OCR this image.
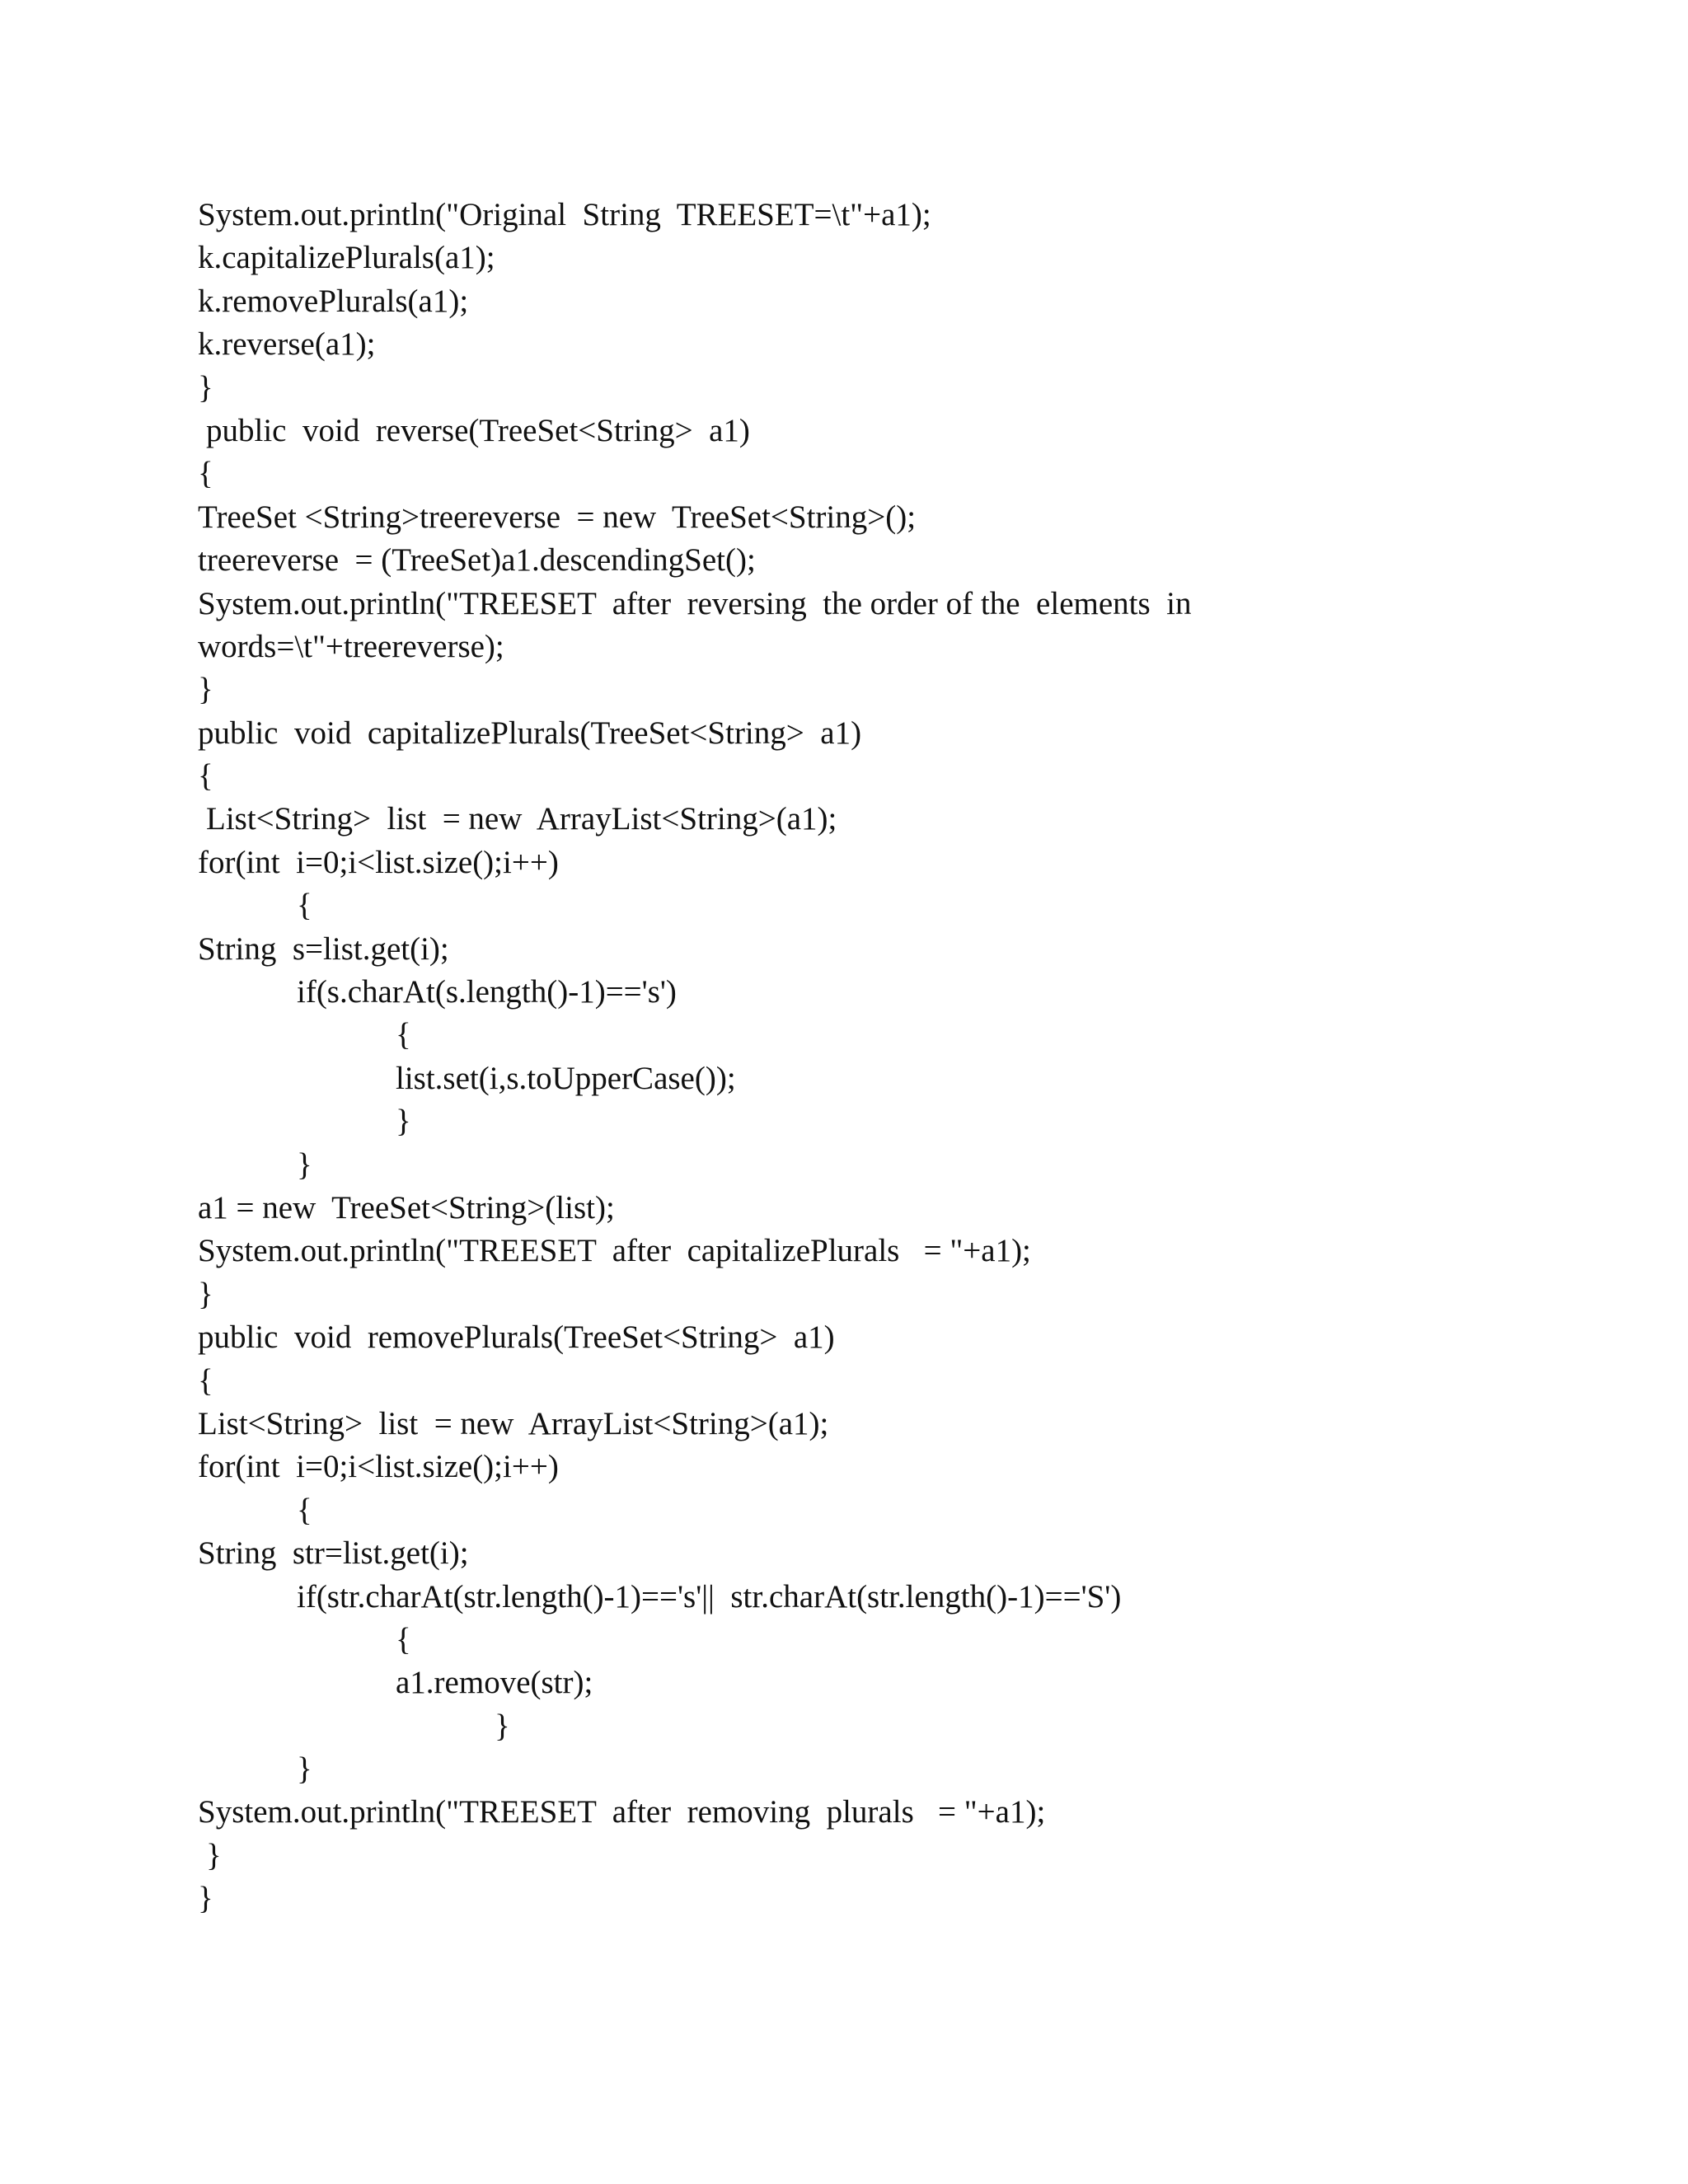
System.out.println("Original  String  TREESET=\t"+a1);
k.capitalizePlurals(a1);
k.removePlurals(a1);
k.reverse(a1);
}
public  void  reverse(TreeSet<String>  a1)
{
TreeSet <String>treereverse  = new  TreeSet<String>();
treereverse  = (TreeSet)a1.descendingSet();
System.out.println("TREESET  after  reversing  the order of the  elements  in
words=\t"+treereverse);
}
public  void  capitalizePlurals(TreeSet<String>  a1)
{
List<String>  list  = new  ArrayList<String>(a1);
for(int  i=0;i<list.size();i++)
{
String  s=list.get(i);
if(s.charAt(s.length()-1)=='s')
{
list.set(i,s.toUpperCase());
}
}
a1 = new  TreeSet<String>(list);
System.out.println("TREESET  after  capitalizePlurals   = "+a1);
}
public  void  removePlurals(TreeSet<String>  a1)
{
List<String>  list  = new  ArrayList<String>(a1);
for(int  i=0;i<list.size();i++)
{
String  str=list.get(i);
if(str.charAt(str.length()-1)=='s'||  str.charAt(str.length()-1)=='S')
{
a1.remove(str);
}
}
System.out.println("TREESET  after  removing  plurals   = "+a1);
}
}
